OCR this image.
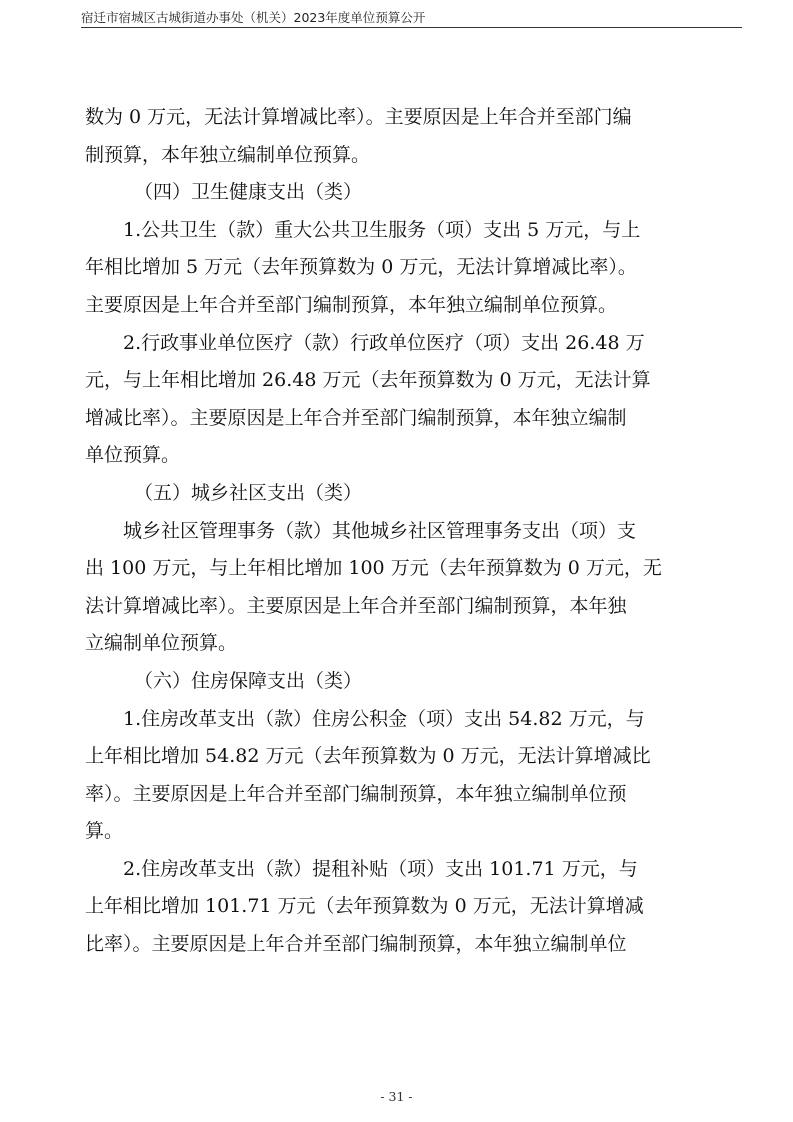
宿迁市宿城区古城街道办事处（机关）2023年度单位预算公开

数为 0 万元，无法计算增减比率）。主要原因是上年合并至部门编

制预算，本年独立编制单位预算。

（四）卫生健康支出（类）

1.公共卫生（款）重大公共卫生服务（项）支出 5 万元，与上

年相比增加 5 万元（去年预算数为 0 万元，无法计算增减比率）。

主要原因是上年合并至部门编制预算，本年独立编制单位预算。

2.行政事业单位医疗（款）行政单位医疗（项）支出 26.48 万

元，与上年相比增加 26.48 万元（去年预算数为 0 万元，无法计算

增减比率）。主要原因是上年合并至部门编制预算，本年独立编制

单位预算。

（五）城乡社区支出（类）

城乡社区管理事务（款）其他城乡社区管理事务支出（项）支

出 100 万元，与上年相比增加 100 万元（去年预算数为 0 万元，无

法计算增减比率）。主要原因是上年合并至部门编制预算，本年独

立编制单位预算。

（六）住房保障支出（类）

1.住房改革支出（款）住房公积金（项）支出 54.82 万元，与

上年相比增加 54.82 万元（去年预算数为 0 万元，无法计算增减比

率）。主要原因是上年合并至部门编制预算，本年独立编制单位预

算。

2.住房改革支出（款）提租补贴（项）支出 101.71 万元，与

上年相比增加 101.71 万元（去年预算数为 0 万元，无法计算增减

比率）。主要原因是上年合并至部门编制预算，本年独立编制单位

- 31 -
